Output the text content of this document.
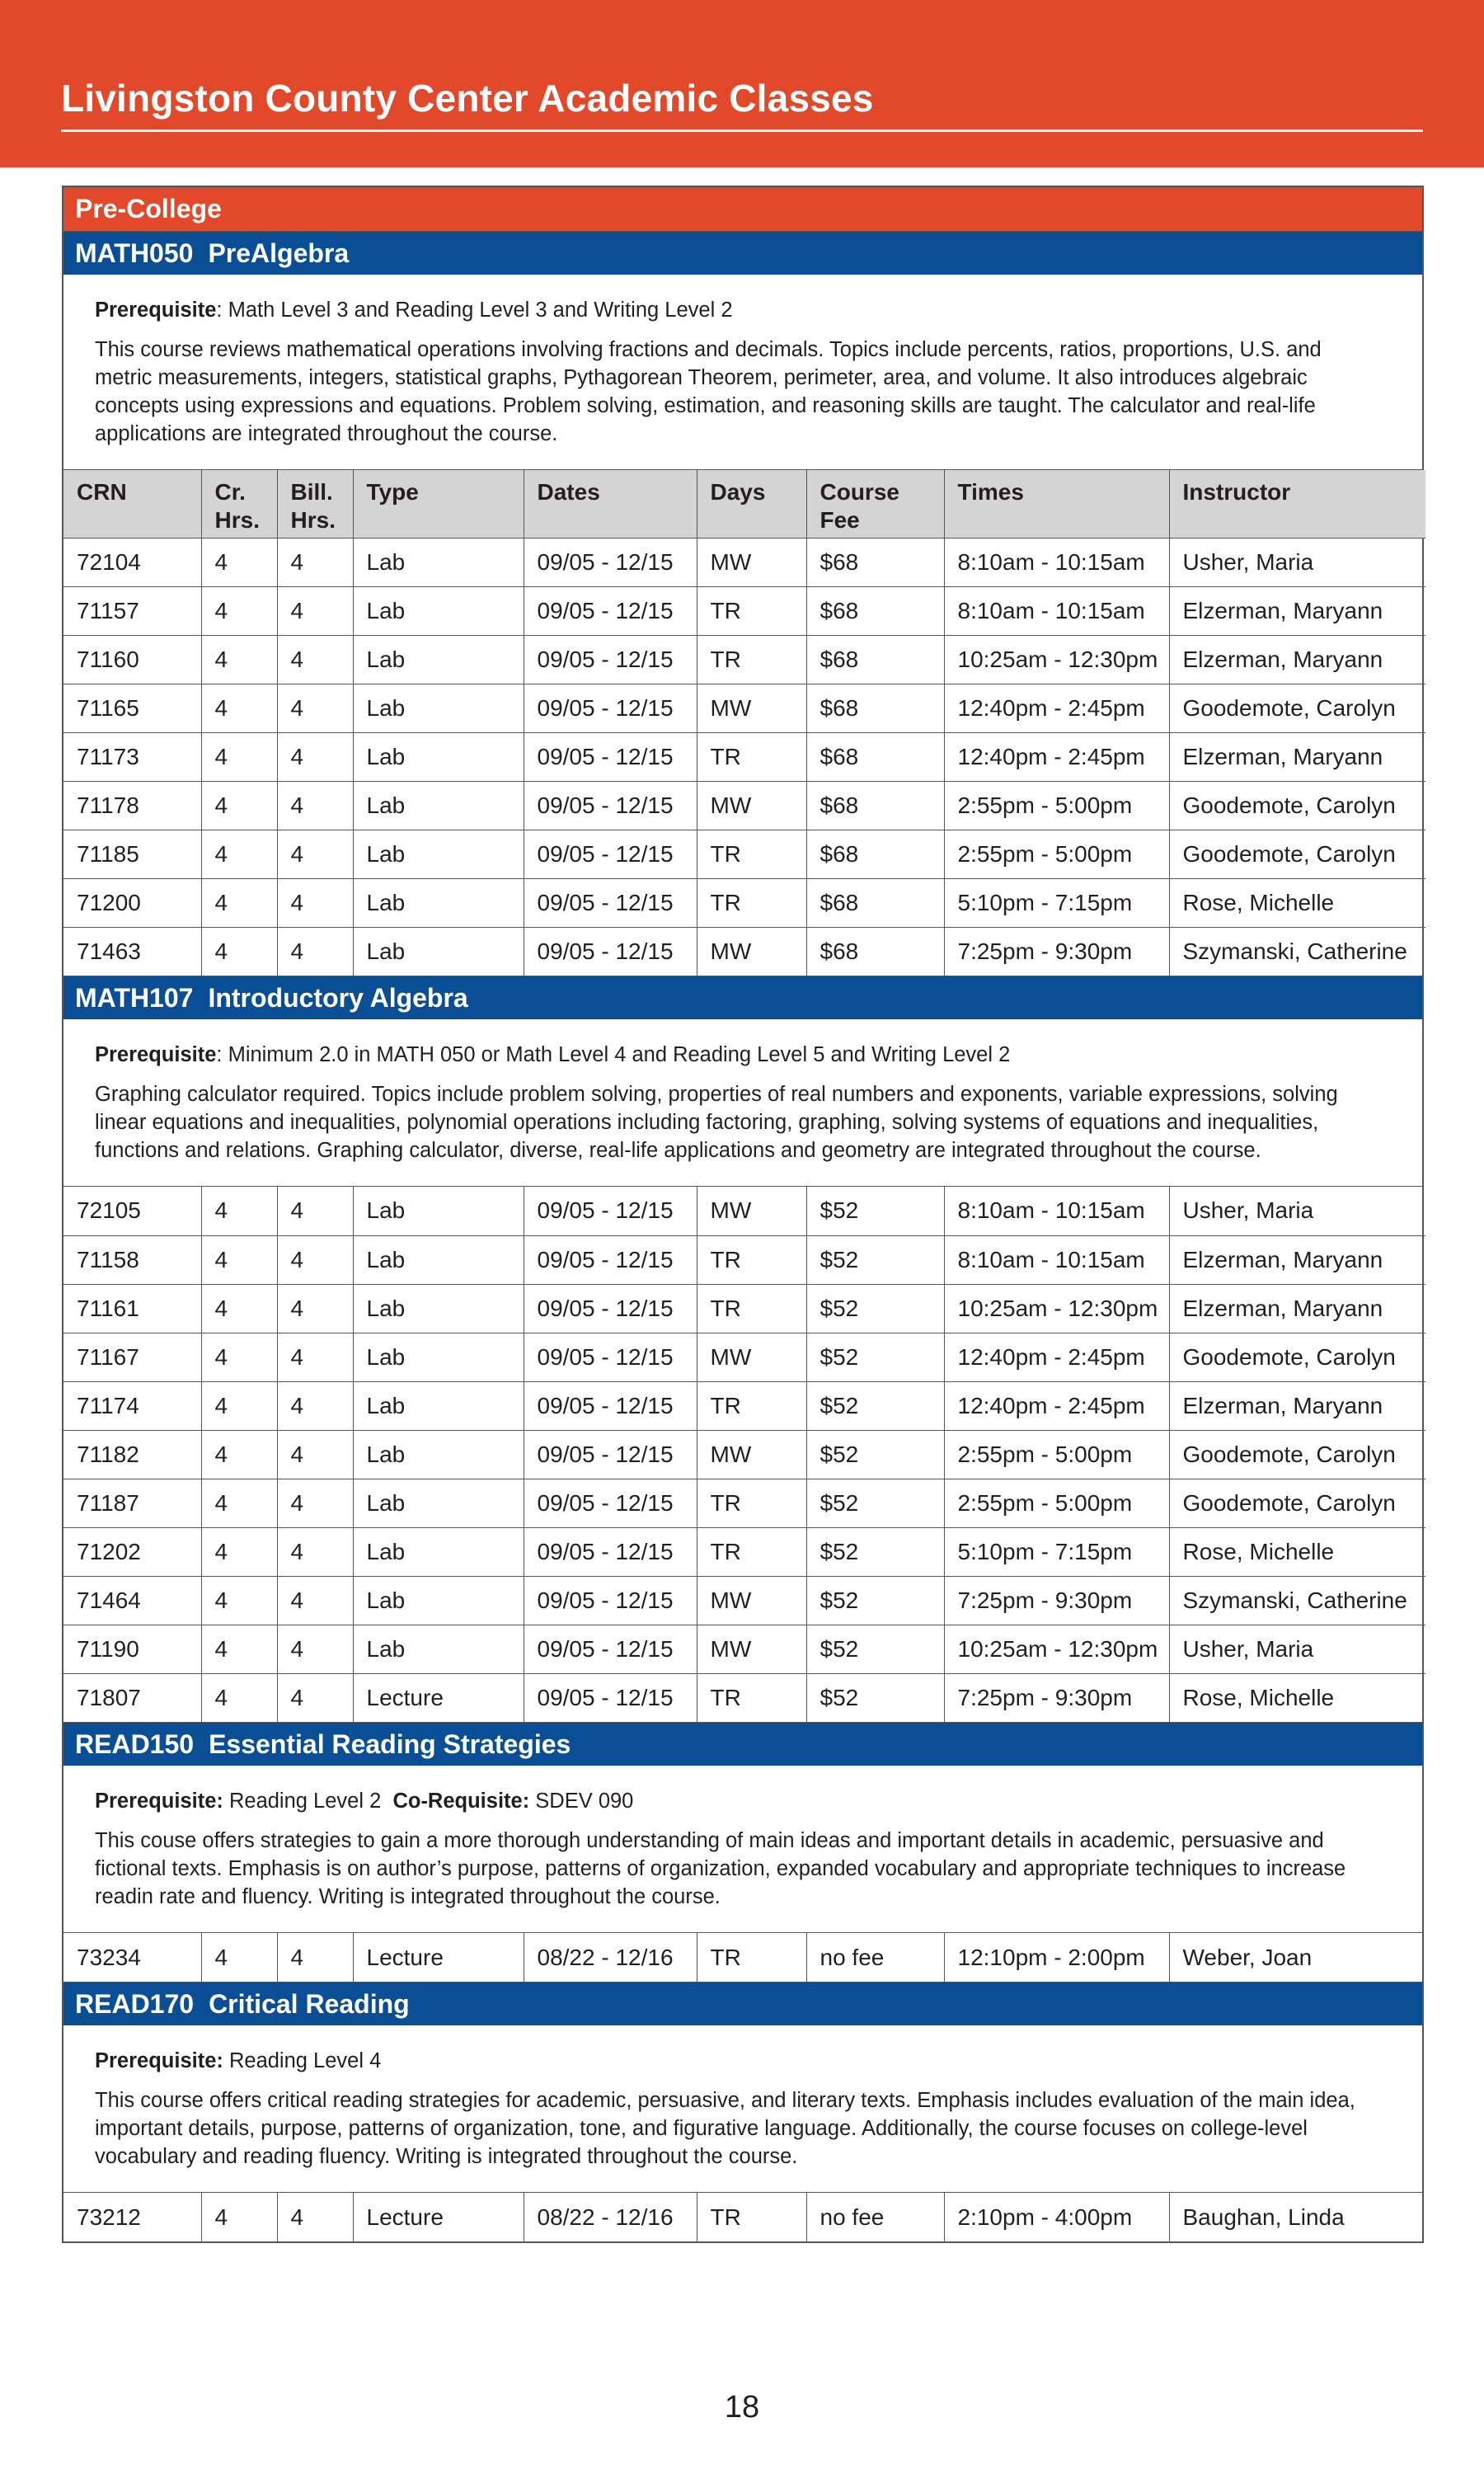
Livingston County Center Academic Classes
Pre-College
MATH050 PreAlgebra
Prerequisite: Math Level 3 and Reading Level 3 and Writing Level 2

This course reviews mathematical operations involving fractions and decimals. Topics include percents, ratios, proportions, U.S. and metric measurements, integers, statistical graphs, Pythagorean Theorem, perimeter, area, and volume. It also introduces algebraic concepts using expressions and equations. Problem solving, estimation, and reasoning skills are taught. The calculator and real-life applications are integrated throughout the course.

CRN	Cr. Hrs.	Bill. Hrs.	Type	Dates	Days	Course Fee	Times	Instructor
72104	4	4	Lab	09/05 - 12/15	MW	$68	8:10am - 10:15am	Usher, Maria
71157	4	4	Lab	09/05 - 12/15	TR	$68	8:10am - 10:15am	Elzerman, Maryann
71160	4	4	Lab	09/05 - 12/15	TR	$68	10:25am - 12:30pm	Elzerman, Maryann
71165	4	4	Lab	09/05 - 12/15	MW	$68	12:40pm - 2:45pm	Goodemote, Carolyn
71173	4	4	Lab	09/05 - 12/15	TR	$68	12:40pm - 2:45pm	Elzerman, Maryann
71178	4	4	Lab	09/05 - 12/15	MW	$68	2:55pm - 5:00pm	Goodemote, Carolyn
71185	4	4	Lab	09/05 - 12/15	TR	$68	2:55pm - 5:00pm	Goodemote, Carolyn
71200	4	4	Lab	09/05 - 12/15	TR	$68	5:10pm - 7:15pm	Rose, Michelle
71463	4	4	Lab	09/05 - 12/15	MW	$68	7:25pm - 9:30pm	Szymanski, Catherine
MATH107 Introductory Algebra
Prerequisite: Minimum 2.0 in MATH 050 or Math Level 4 and Reading Level 5 and Writing Level 2

Graphing calculator required. Topics include problem solving, properties of real numbers and exponents, variable expressions, solving linear equations and inequalities, polynomial operations including factoring, graphing, solving systems of equations and inequalities, functions and relations. Graphing calculator, diverse, real-life applications and geometry are integrated throughout the course.

72105	4	4	Lab	09/05 - 12/15	MW	$52	8:10am - 10:15am	Usher, Maria
71158	4	4	Lab	09/05 - 12/15	TR	$52	8:10am - 10:15am	Elzerman, Maryann
71161	4	4	Lab	09/05 - 12/15	TR	$52	10:25am - 12:30pm	Elzerman, Maryann
71167	4	4	Lab	09/05 - 12/15	MW	$52	12:40pm - 2:45pm	Goodemote, Carolyn
71174	4	4	Lab	09/05 - 12/15	TR	$52	12:40pm - 2:45pm	Elzerman, Maryann
71182	4	4	Lab	09/05 - 12/15	MW	$52	2:55pm - 5:00pm	Goodemote, Carolyn
71187	4	4	Lab	09/05 - 12/15	TR	$52	2:55pm - 5:00pm	Goodemote, Carolyn
71202	4	4	Lab	09/05 - 12/15	TR	$52	5:10pm - 7:15pm	Rose, Michelle
71464	4	4	Lab	09/05 - 12/15	MW	$52	7:25pm - 9:30pm	Szymanski, Catherine
71190	4	4	Lab	09/05 - 12/15	MW	$52	10:25am - 12:30pm	Usher, Maria
71807	4	4	Lecture	09/05 - 12/15	TR	$52	7:25pm - 9:30pm	Rose, Michelle
READ150 Essential Reading Strategies
Prerequisite: Reading Level 2 Co-Requisite: SDEV 090

This couse offers strategies to gain a more thorough understanding of main ideas and important details in academic, persuasive and fictional texts. Emphasis is on author’s purpose, patterns of organization, expanded vocabulary and appropriate techniques to increase readin rate and fluency. Writing is integrated throughout the course.

73234	4	4	Lecture	08/22 - 12/16	TR	no fee	12:10pm - 2:00pm	Weber, Joan
READ170 Critical Reading
Prerequisite: Reading Level 4

This course offers critical reading strategies for academic, persuasive, and literary texts. Emphasis includes evaluation of the main idea, important details, purpose, patterns of organization, tone, and figurative language. Additionally, the course focuses on college-level vocabulary and reading fluency. Writing is integrated throughout the course.

73212	4	4	Lecture	08/22 - 12/16	TR	no fee	2:10pm - 4:00pm	Baughan, Linda
18
